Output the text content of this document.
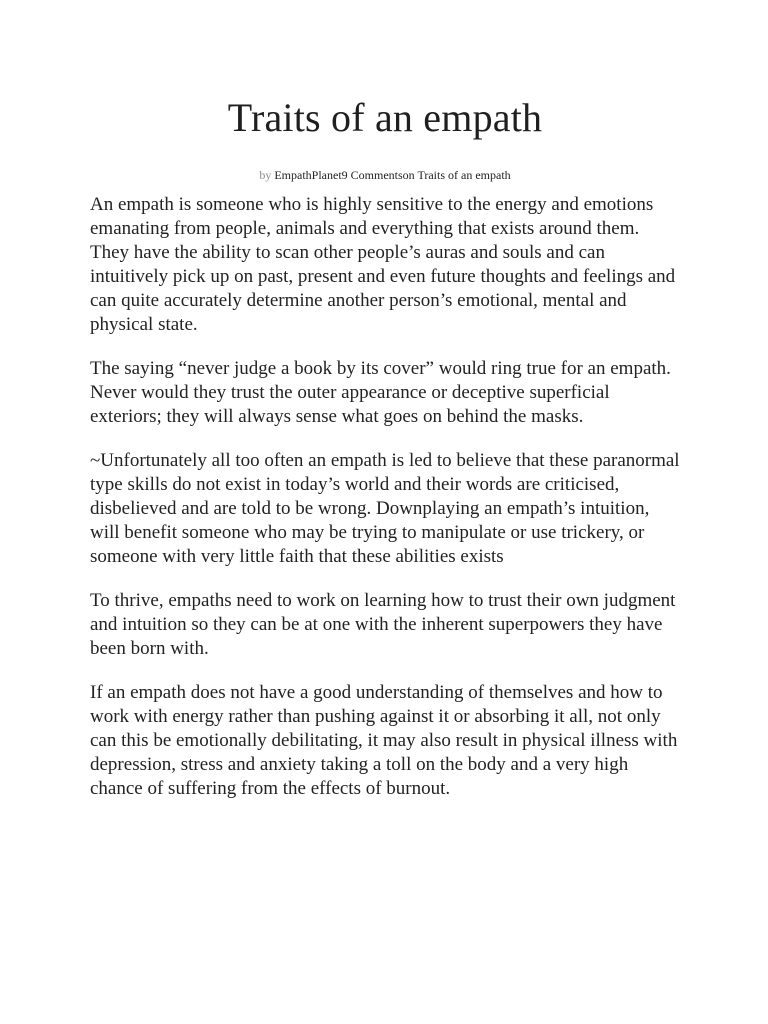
Traits of an empath
by EmpathPlanet9 Commentson Traits of an empath

An empath is someone who is highly sensitive to the energy and emotions emanating from people, animals and everything that exists around them. They have the ability to scan other people’s auras and souls and can intuitively pick up on past, present and even future thoughts and feelings and can quite accurately determine another person’s emotional, mental and physical state.

The saying “never judge a book by its cover” would ring true for an empath. Never would they trust the outer appearance or deceptive superficial exteriors; they will always sense what goes on behind the masks.

~Unfortunately all too often an empath is led to believe that these paranormal type skills do not exist in today’s world and their words are criticised, disbelieved and are told to be wrong. Downplaying an empath’s intuition, will benefit someone who may be trying to manipulate or use trickery, or someone with very little faith that these abilities exists

To thrive, empaths need to work on learning how to trust their own judgment and intuition so they can be at one with the inherent superpowers they have been born with.

If an empath does not have a good understanding of themselves and how to work with energy rather than pushing against it or absorbing it all, not only can this be emotionally debilitating, it may also result in physical illness with depression, stress and anxiety taking a toll on the body and a very high chance of suffering from the effects of burnout.
